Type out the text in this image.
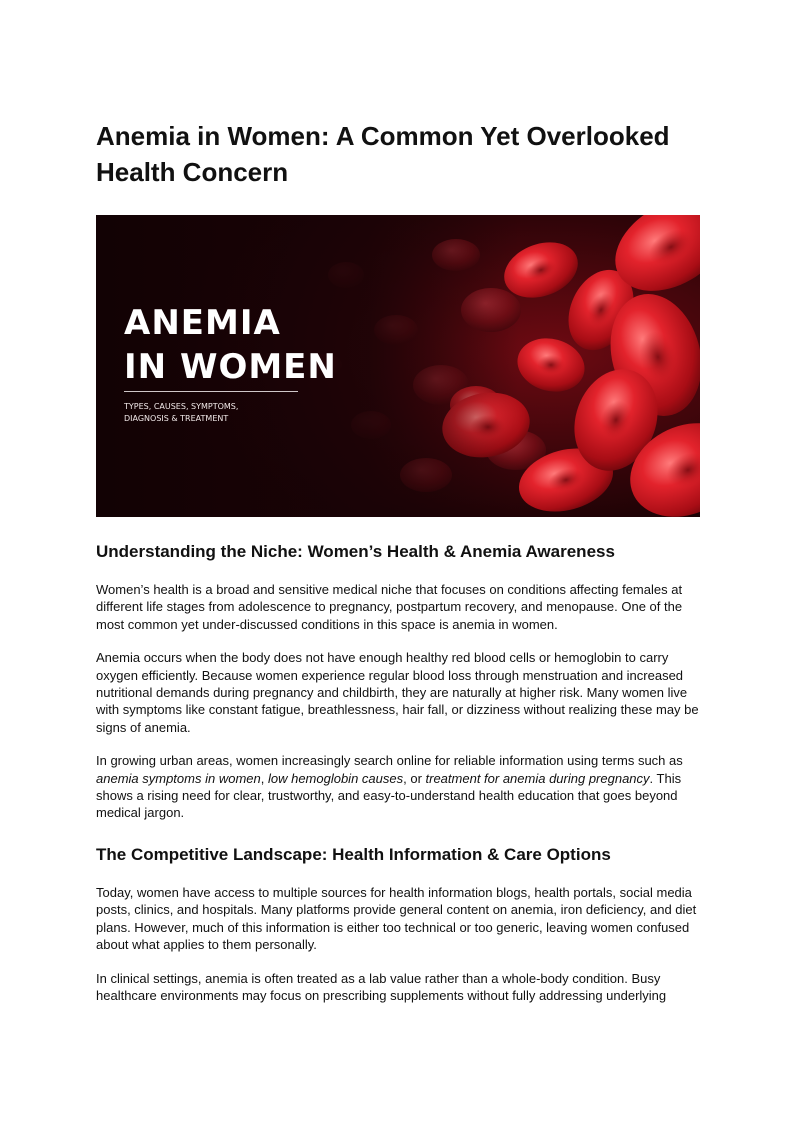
Anemia in Women: A Common Yet Overlooked Health Concern
ANEMIA
IN WOMEN
TYPES, CAUSES, SYMPTOMS,
DIAGNOSIS & TREATMENT
Understanding the Niche: Women’s Health & Anemia Awareness

Women’s health is a broad and sensitive medical niche that focuses on conditions affecting females at different life stages from adolescence to pregnancy, postpartum recovery, and menopause. One of the most common yet under-discussed conditions in this space is anemia in women.

Anemia occurs when the body does not have enough healthy red blood cells or hemoglobin to carry oxygen efficiently. Because women experience regular blood loss through menstruation and increased nutritional demands during pregnancy and childbirth, they are naturally at higher risk. Many women live with symptoms like constant fatigue, breathlessness, hair fall, or dizziness without realizing these may be signs of anemia.

In growing urban areas, women increasingly search online for reliable information using terms such as anemia symptoms in women, low hemoglobin causes, or treatment for anemia during pregnancy. This shows a rising need for clear, trustworthy, and easy-to-understand health education that goes beyond medical jargon.

The Competitive Landscape: Health Information & Care Options

Today, women have access to multiple sources for health information blogs, health portals, social media posts, clinics, and hospitals. Many platforms provide general content on anemia, iron deficiency, and diet plans. However, much of this information is either too technical or too generic, leaving women confused about what applies to them personally.

In clinical settings, anemia is often treated as a lab value rather than a whole-body condition. Busy healthcare environments may focus on prescribing supplements without fully addressing underlying
